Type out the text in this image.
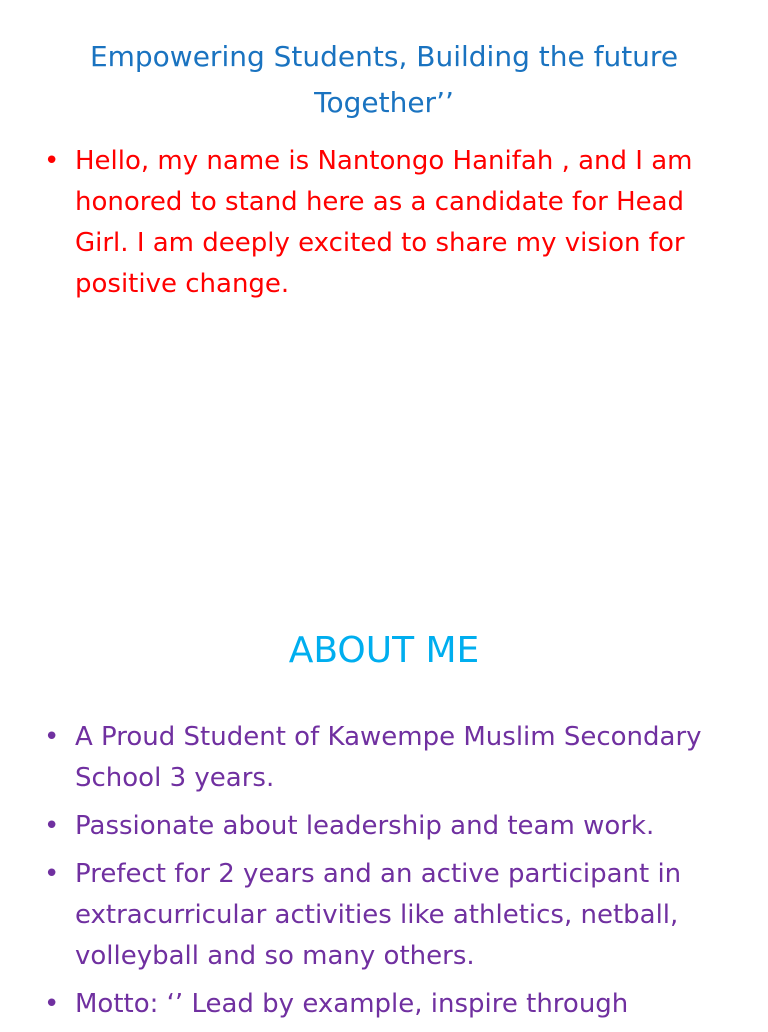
Empowering Students, Building the future Together’’
• Hello, my name is Nantongo Hanifah , and I am honored to stand here as a candidate for Head Girl. I am deeply excited to share my vision for positive change.
ABOUT ME
• A Proud Student of Kawempe Muslim Secondary School 3 years.
• Passionate about leadership and team work.
• Prefect for 2 years and an active participant in extracurricular activities like athletics, netball, volleyball and so many others.
• Motto: ‘’ Lead by example, inspire through
